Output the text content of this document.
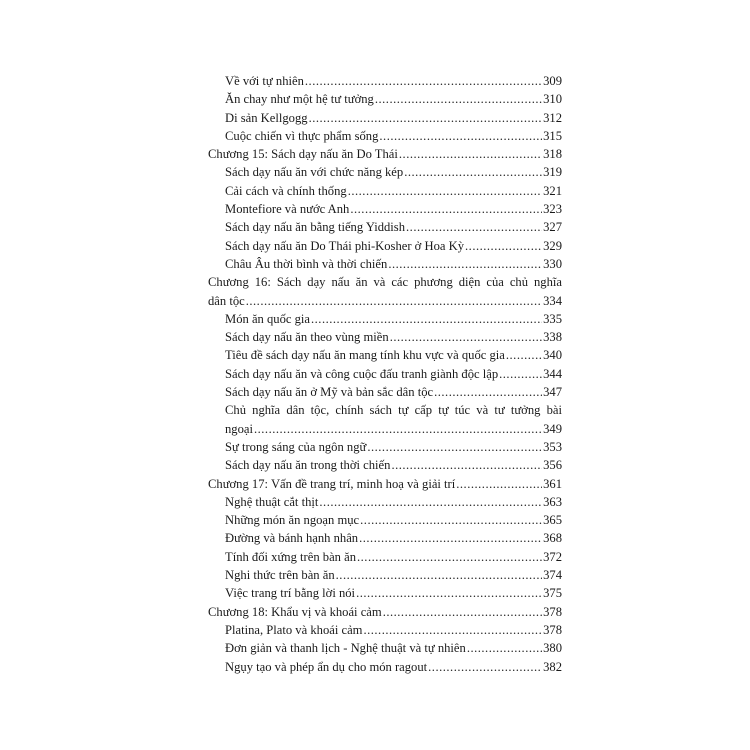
Về với tự nhiên .....	309
Ăn chay như một hệ tư tưởng .....	310
Di sản Kellgogg .....	312
Cuộc chiến vì thực phẩm sống .....	315
Chương 15: Sách dạy nấu ăn Do Thái .....	318
Sách dạy nấu ăn với chức năng kép .....	319
Cải cách và chính thống .....	321
Montefiore và nước Anh .....	323
Sách dạy nấu ăn bằng tiếng Yiddish .....	327
Sách dạy nấu ăn Do Thái phi-Kosher ở Hoa Kỳ .....	329
Châu Âu thời bình và thời chiến .....	330
Chương 16: Sách dạy nấu ăn và các phương diện của chủ nghĩa
dân tộc .....	334
Món ăn quốc gia .....	335
Sách dạy nấu ăn theo vùng miền .....	338
Tiêu đề sách dạy nấu ăn mang tính khu vực và quốc gia .....	340
Sách dạy nấu ăn và công cuộc đấu tranh giành độc lập .....	344
Sách dạy nấu ăn ở Mỹ và bản sắc dân tộc .....	347
Chủ nghĩa dân tộc, chính sách tự cấp tự túc và tư tưởng bài
ngoại .....	349
Sự trong sáng của ngôn ngữ .....	353
Sách dạy nấu ăn trong thời chiến .....	356
Chương 17: Vấn đề trang trí, minh hoạ và giải trí .....	361
Nghệ thuật cắt thịt .....	363
Những món ăn ngoạn mục .....	365
Đường và bánh hạnh nhân .....	368
Tính đối xứng trên bàn ăn .....	372
Nghi thức trên bàn ăn .....	374
Việc trang trí bằng lời nói .....	375
Chương 18: Khẩu vị và khoái cảm .....	378
Platina, Plato và khoái cảm .....	378
Đơn giản và thanh lịch - Nghệ thuật và tự nhiên .....	380
Ngụy tạo và phép ẩn dụ cho món ragout .....	382
